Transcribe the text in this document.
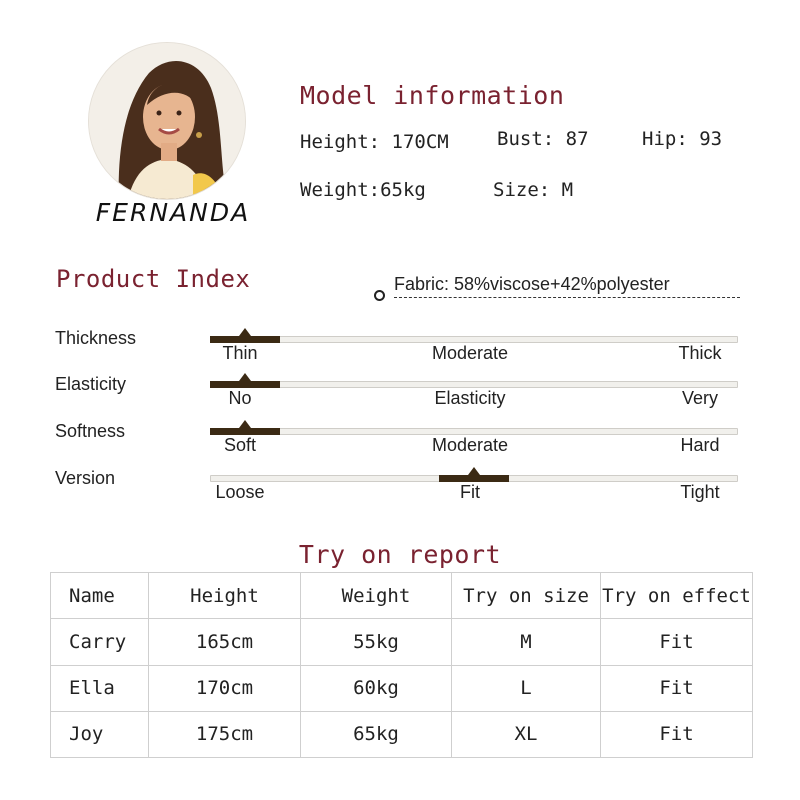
FERNANDA
Model information
Height: 170CM	Bust: 87	Hip: 93
Weight:65kg	Size: M
Product Index	Fabric: 58%viscose+42%polyester
Thickness
Thin	Moderate	Thick
Elasticity
No	Elasticity	Very
Softness
Soft	Moderate	Hard
Version
Loose	Fit	Tight
Try on report
Name	Height	Weight	Try on size	Try on effect
Carry	165cm	55kg	M	Fit
Ella	170cm	60kg	L	Fit
Joy	175cm	65kg	XL	Fit
